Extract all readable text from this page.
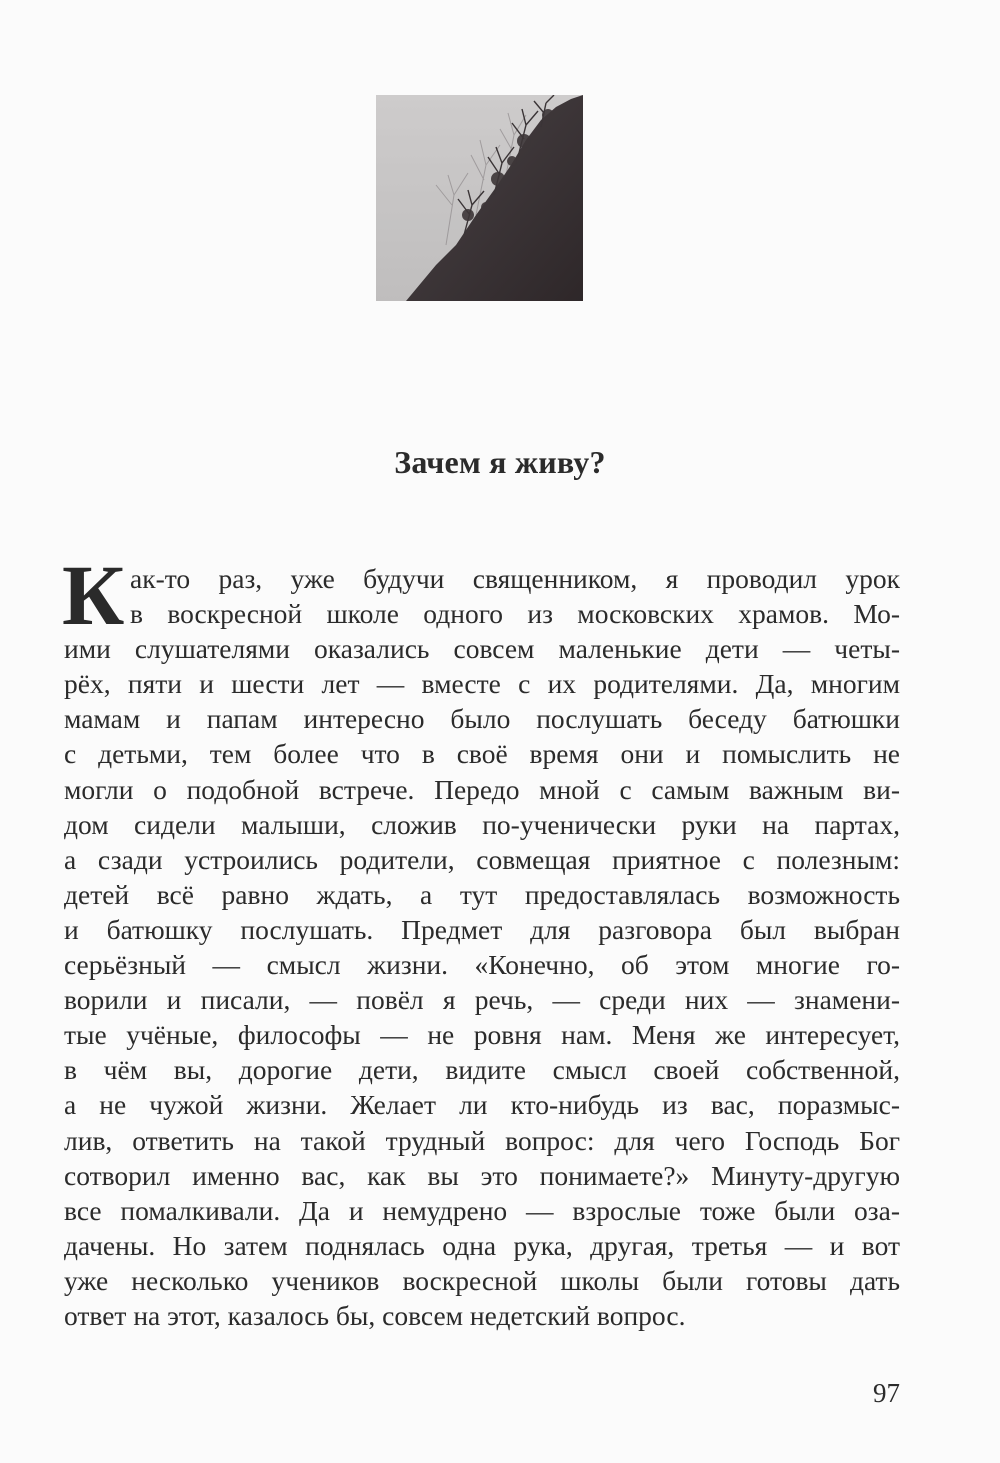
Зачем я живу?
К ак-то раз, уже будучи священником, я проводил урок
в воскресной школе одного из московских храмов. Мо-
ими слушателями оказались совсем маленькие дети — четы-
рёх, пяти и шести лет — вместе с их родителями. Да, многим
мамам и папам интересно было послушать беседу батюшки
с детьми, тем более что в своё время они и помыслить не
могли о подобной встрече. Передо мной с самым важным ви-
дом сидели малыши, сложив по-ученически руки на партах,
а сзади устроились родители, совмещая приятное с полезным:
детей всё равно ждать, а тут предоставлялась возможность
и батюшку послушать. Предмет для разговора был выбран
серьёзный — смысл жизни. «Конечно, об этом многие го-
ворили и писали, — повёл я речь, — среди них — знамени-
тые учёные, философы — не ровня нам. Меня же интересует,
в чём вы, дорогие дети, видите смысл своей собственной,
а не чужой жизни. Желает ли кто-нибудь из вас, поразмыс-
лив, ответить на такой трудный вопрос: для чего Господь Бог
сотворил именно вас, как вы это понимаете?» Минуту-другую
все помалкивали. Да и немудрено — взрослые тоже были оза-
дачены. Но затем поднялась одна рука, другая, третья — и вот
уже несколько учеников воскресной школы были готовы дать
ответ на этот, казалось бы, совсем недетский вопрос.
97
